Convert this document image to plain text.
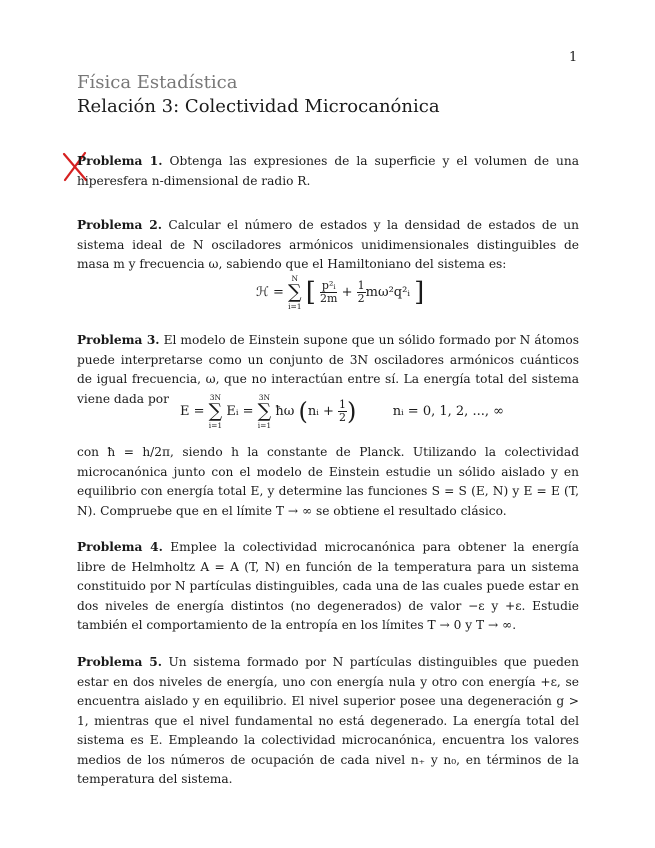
1
Física Estadística
Relación 3: Colectividad Microcanónica
Problema 1. Obtenga las expresiones de la superficie y el volumen de una hiperesfera n-dimensional de radio R.
Problema 2. Calcular el número de estados y la densidad de estados de un sistema ideal de N osciladores armónicos unidimensionales distinguibles de masa m y frecuencia ω, sabiendo que el Hamiltoniano del sistema es:
ℋ =
N
∑
i=1 [ $\frac{\text{p²ᵢ}}{2m} + \frac{1}{2}$ mω²q²ᵢ ]
Problema 3. El modelo de Einstein supone que un sólido formado por N átomos puede interpretarse como un conjunto de 3N osciladores armónicos cuánticos de igual frecuencia, ω, que no interactúan entre sí. La energía total del sistema viene dada por
E =
3N
∑
i=1
Eᵢ =
3N
∑
i=1
ħω (nᵢ + $\frac{1}{2}$ )	nᵢ = 0, 1, 2, ..., ∞
con ħ = h/2π, siendo h la constante de Planck. Utilizando la colectividad microcanónica junto con el modelo de Einstein estudie un sólido aislado y en equilibrio con energía total E, y determine las funciones S = S (E, N) y E = E (T, N). Compruebe que en el límite T → ∞ se obtiene el resultado clásico.
Problema 4. Emplee la colectividad microcanónica para obtener la energía libre de Helmholtz A = A (T, N) en función de la temperatura para un sistema constituido por N partículas distinguibles, cada una de las cuales puede estar en dos niveles de energía distintos (no degenerados) de valor −ε y +ε. Estudie también el comportamiento de la entropía en los límites T → 0 y T → ∞.
Problema 5. Un sistema formado por N partículas distinguibles que pueden estar en dos niveles de energía, uno con energía nula y otro con energía +ε, se encuentra aislado y en equilibrio. El nivel superior posee una degeneración g > 1, mientras que el nivel fundamental no está degenerado. La energía total del sistema es E. Empleando la colectividad microcanónica, encuentra los valores medios de los números de ocupación de cada nivel n₊ y n₀, en términos de la temperatura del sistema.
